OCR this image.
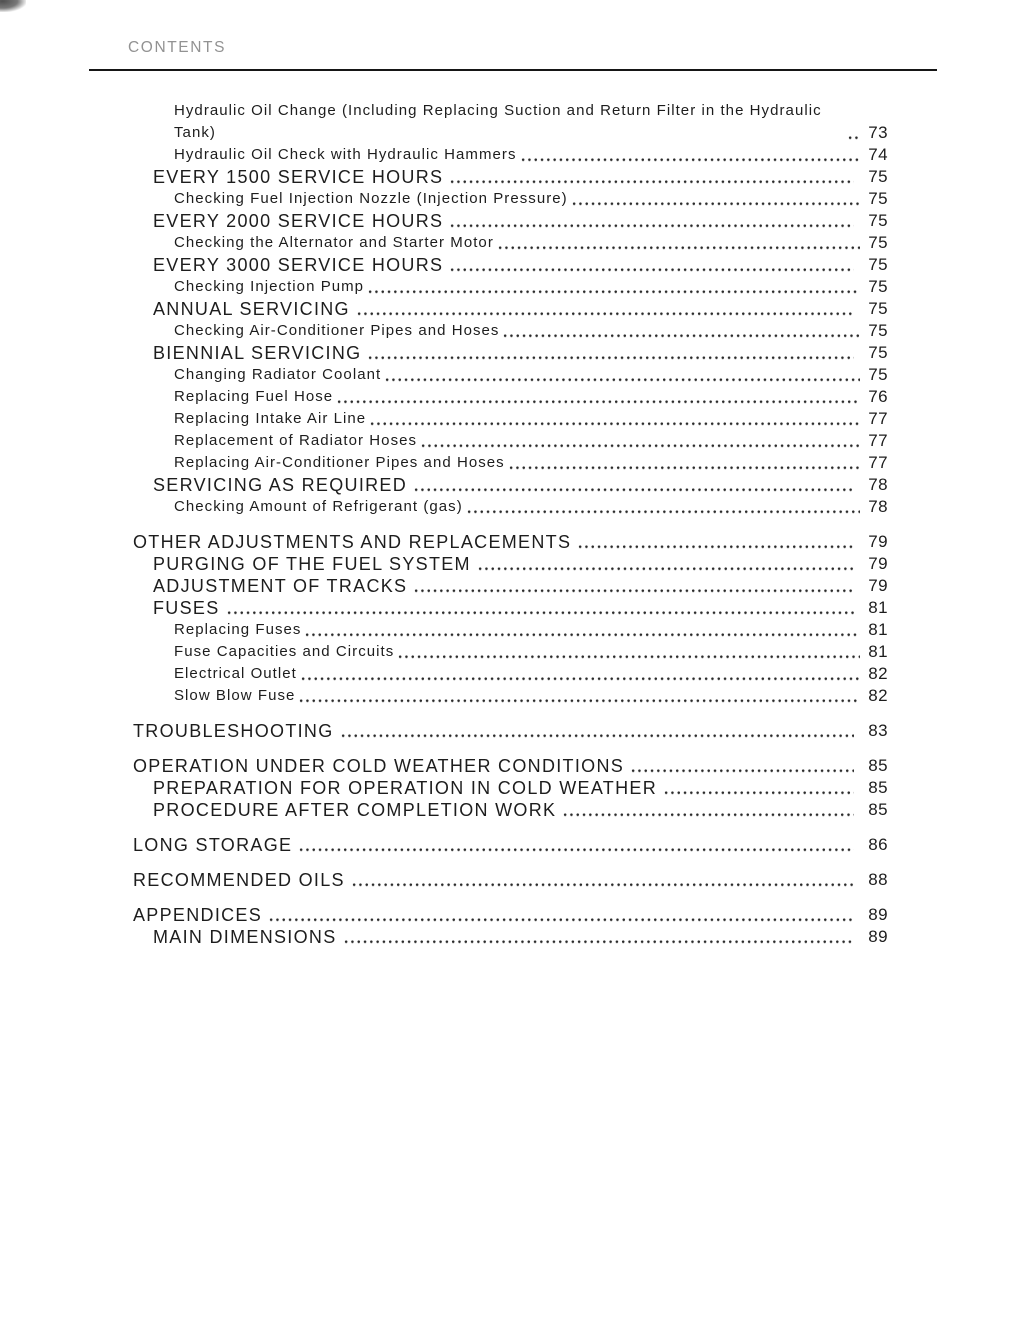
CONTENTS
Hydraulic Oil Change (Including Replacing Suction and Return Filter in the Hydraulic Tank)	73
Hydraulic Oil Check with Hydraulic Hammers	74
EVERY 1500 SERVICE HOURS	75
Checking Fuel Injection Nozzle (Injection Pressure)	75
EVERY 2000 SERVICE HOURS	75
Checking the Alternator and Starter Motor	75
EVERY 3000 SERVICE HOURS	75
Checking Injection Pump	75
ANNUAL SERVICING	75
Checking Air-Conditioner Pipes and Hoses	75
BIENNIAL SERVICING	75
Changing Radiator Coolant	75
Replacing Fuel Hose	76
Replacing Intake Air Line	77
Replacement of Radiator Hoses	77
Replacing Air-Conditioner Pipes and Hoses	77
SERVICING AS REQUIRED	78
Checking Amount of Refrigerant (gas)	78
OTHER ADJUSTMENTS AND REPLACEMENTS	79
PURGING OF THE FUEL SYSTEM	79
ADJUSTMENT OF TRACKS	79
FUSES	81
Replacing Fuses	81
Fuse Capacities and Circuits	81
Electrical Outlet	82
Slow Blow Fuse	82
TROUBLESHOOTING	83
OPERATION UNDER COLD WEATHER CONDITIONS	85
PREPARATION FOR OPERATION IN COLD WEATHER	85
PROCEDURE AFTER COMPLETION WORK	85
LONG STORAGE	86
RECOMMENDED OILS	88
APPENDICES	89
MAIN DIMENSIONS	89
